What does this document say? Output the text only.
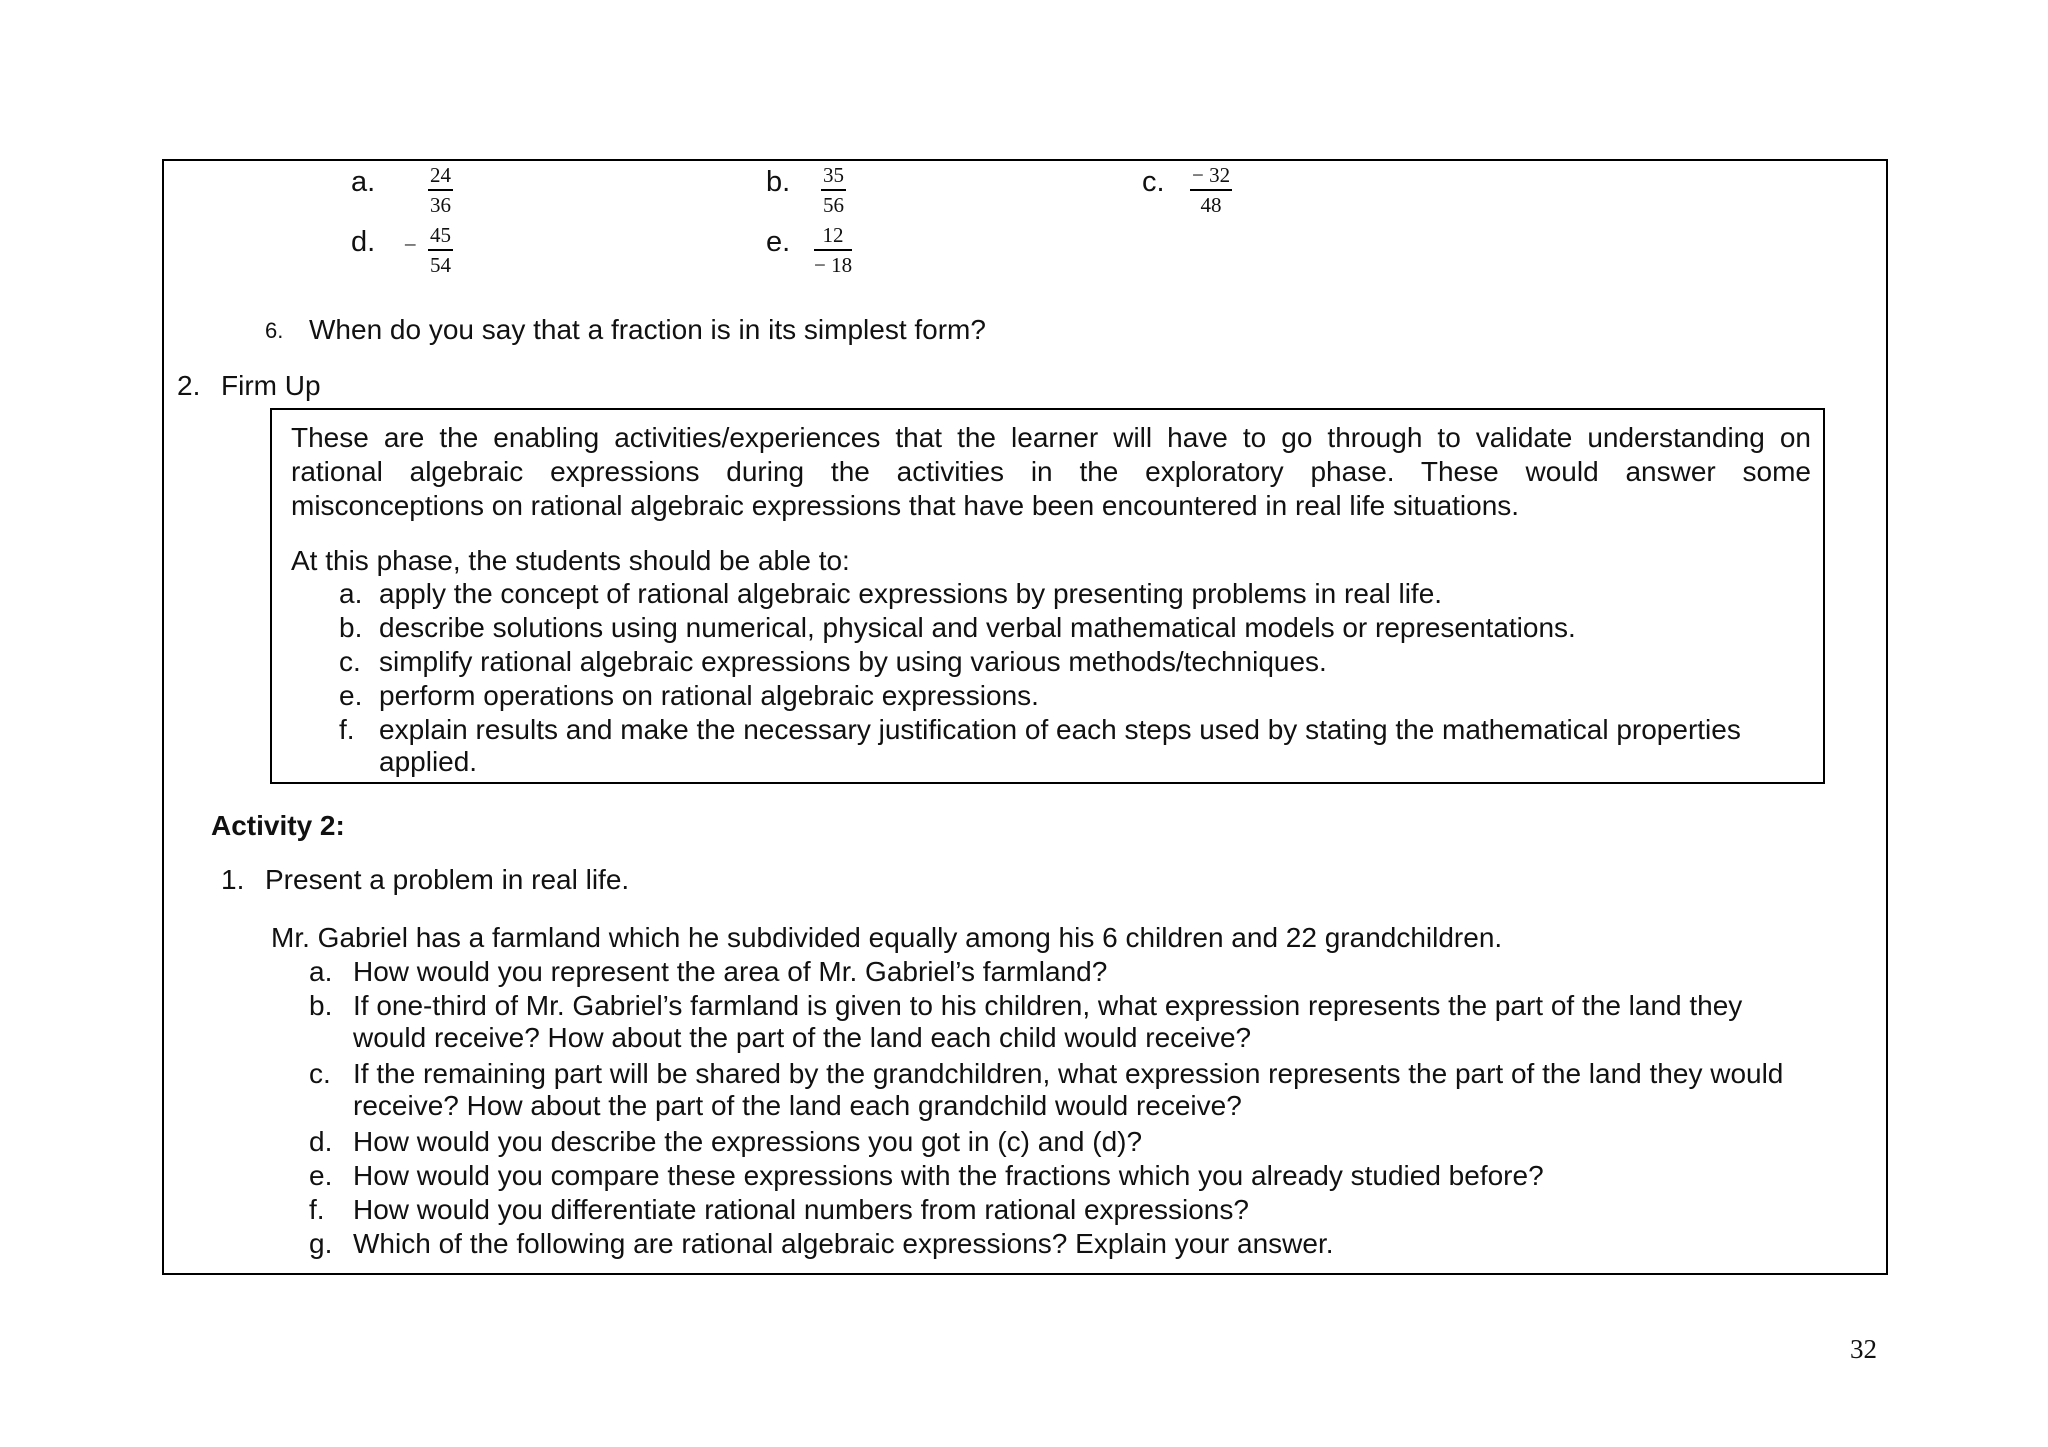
a.	$\frac{24}{36}$	b. $\frac{35}{56}$	c. $\frac{- 32}{48}$
d. – $\frac{45}{54}$	e. $\frac{12}{- 18}$
6. When do you say that a fraction is in its simplest form?
2. Firm Up
These are the enabling activities/experiences that the learner will have to go through to validate understanding on
rational algebraic expressions during the activities in the exploratory phase. These would answer some
misconceptions on rational algebraic expressions that have been encountered in real life situations.
At this phase, the students should be able to:
a. apply the concept of rational algebraic expressions by presenting problems in real life.
b. describe solutions using numerical, physical and verbal mathematical models or representations.
c. simplify rational algebraic expressions by using various methods/techniques.
e. perform operations on rational algebraic expressions.
f. explain results and make the necessary justification of each steps used by stating the mathematical properties
applied.
Activity 2:
1. Present a problem in real life.
Mr. Gabriel has a farmland which he subdivided equally among his 6 children and 22 grandchildren.
a. How would you represent the area of Mr. Gabriel’s farmland?
b. If one-third of Mr. Gabriel’s farmland is given to his children, what expression represents the part of the land they
would receive? How about the part of the land each child would receive?
c. If the remaining part will be shared by the grandchildren, what expression represents the part of the land they would
receive? How about the part of the land each grandchild would receive?
d. How would you describe the expressions you got in (c) and (d)?
e. How would you compare these expressions with the fractions which you already studied before?
f.	How would you differentiate rational numbers from rational expressions?
g. Which of the following are rational algebraic expressions? Explain your answer.
32
